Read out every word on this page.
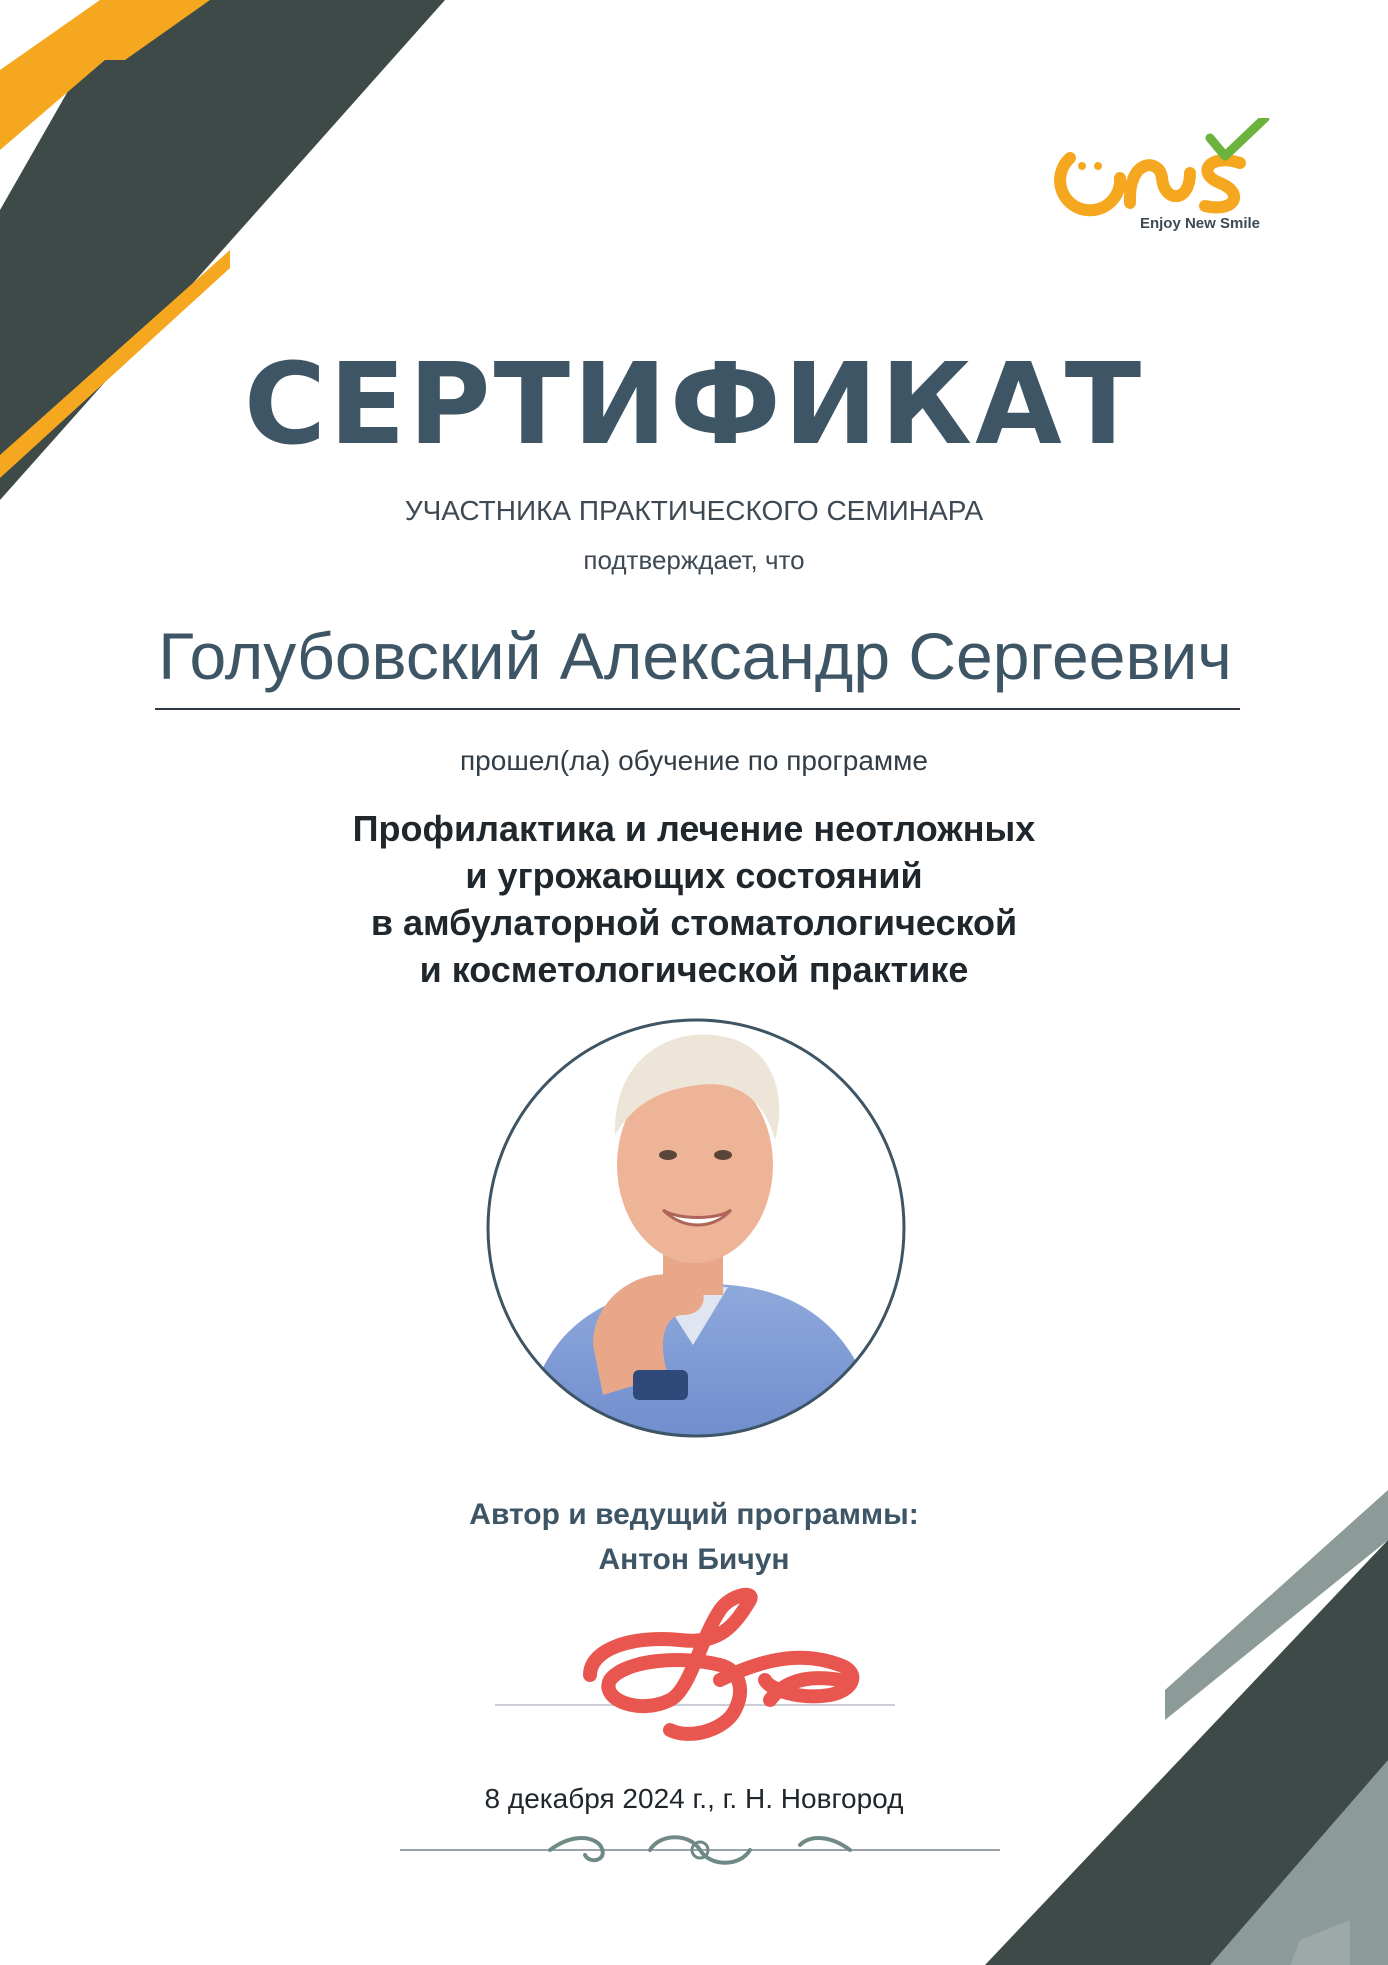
Enjoy New Smile
СЕРТИФИКАТ
УЧАСТНИКА ПРАКТИЧЕСКОГО СЕМИНАРА
подтверждает, что
Голубовский Александр Сергеевич
прошел(ла) обучение по программе
Профилактика и лечение неотложных
и угрожающих состояний
в амбулаторной стоматологической
и косметологической практике
Автор и ведущий программы:
Антон Бичун
8 декабря 2024 г., г. Н. Новгород
